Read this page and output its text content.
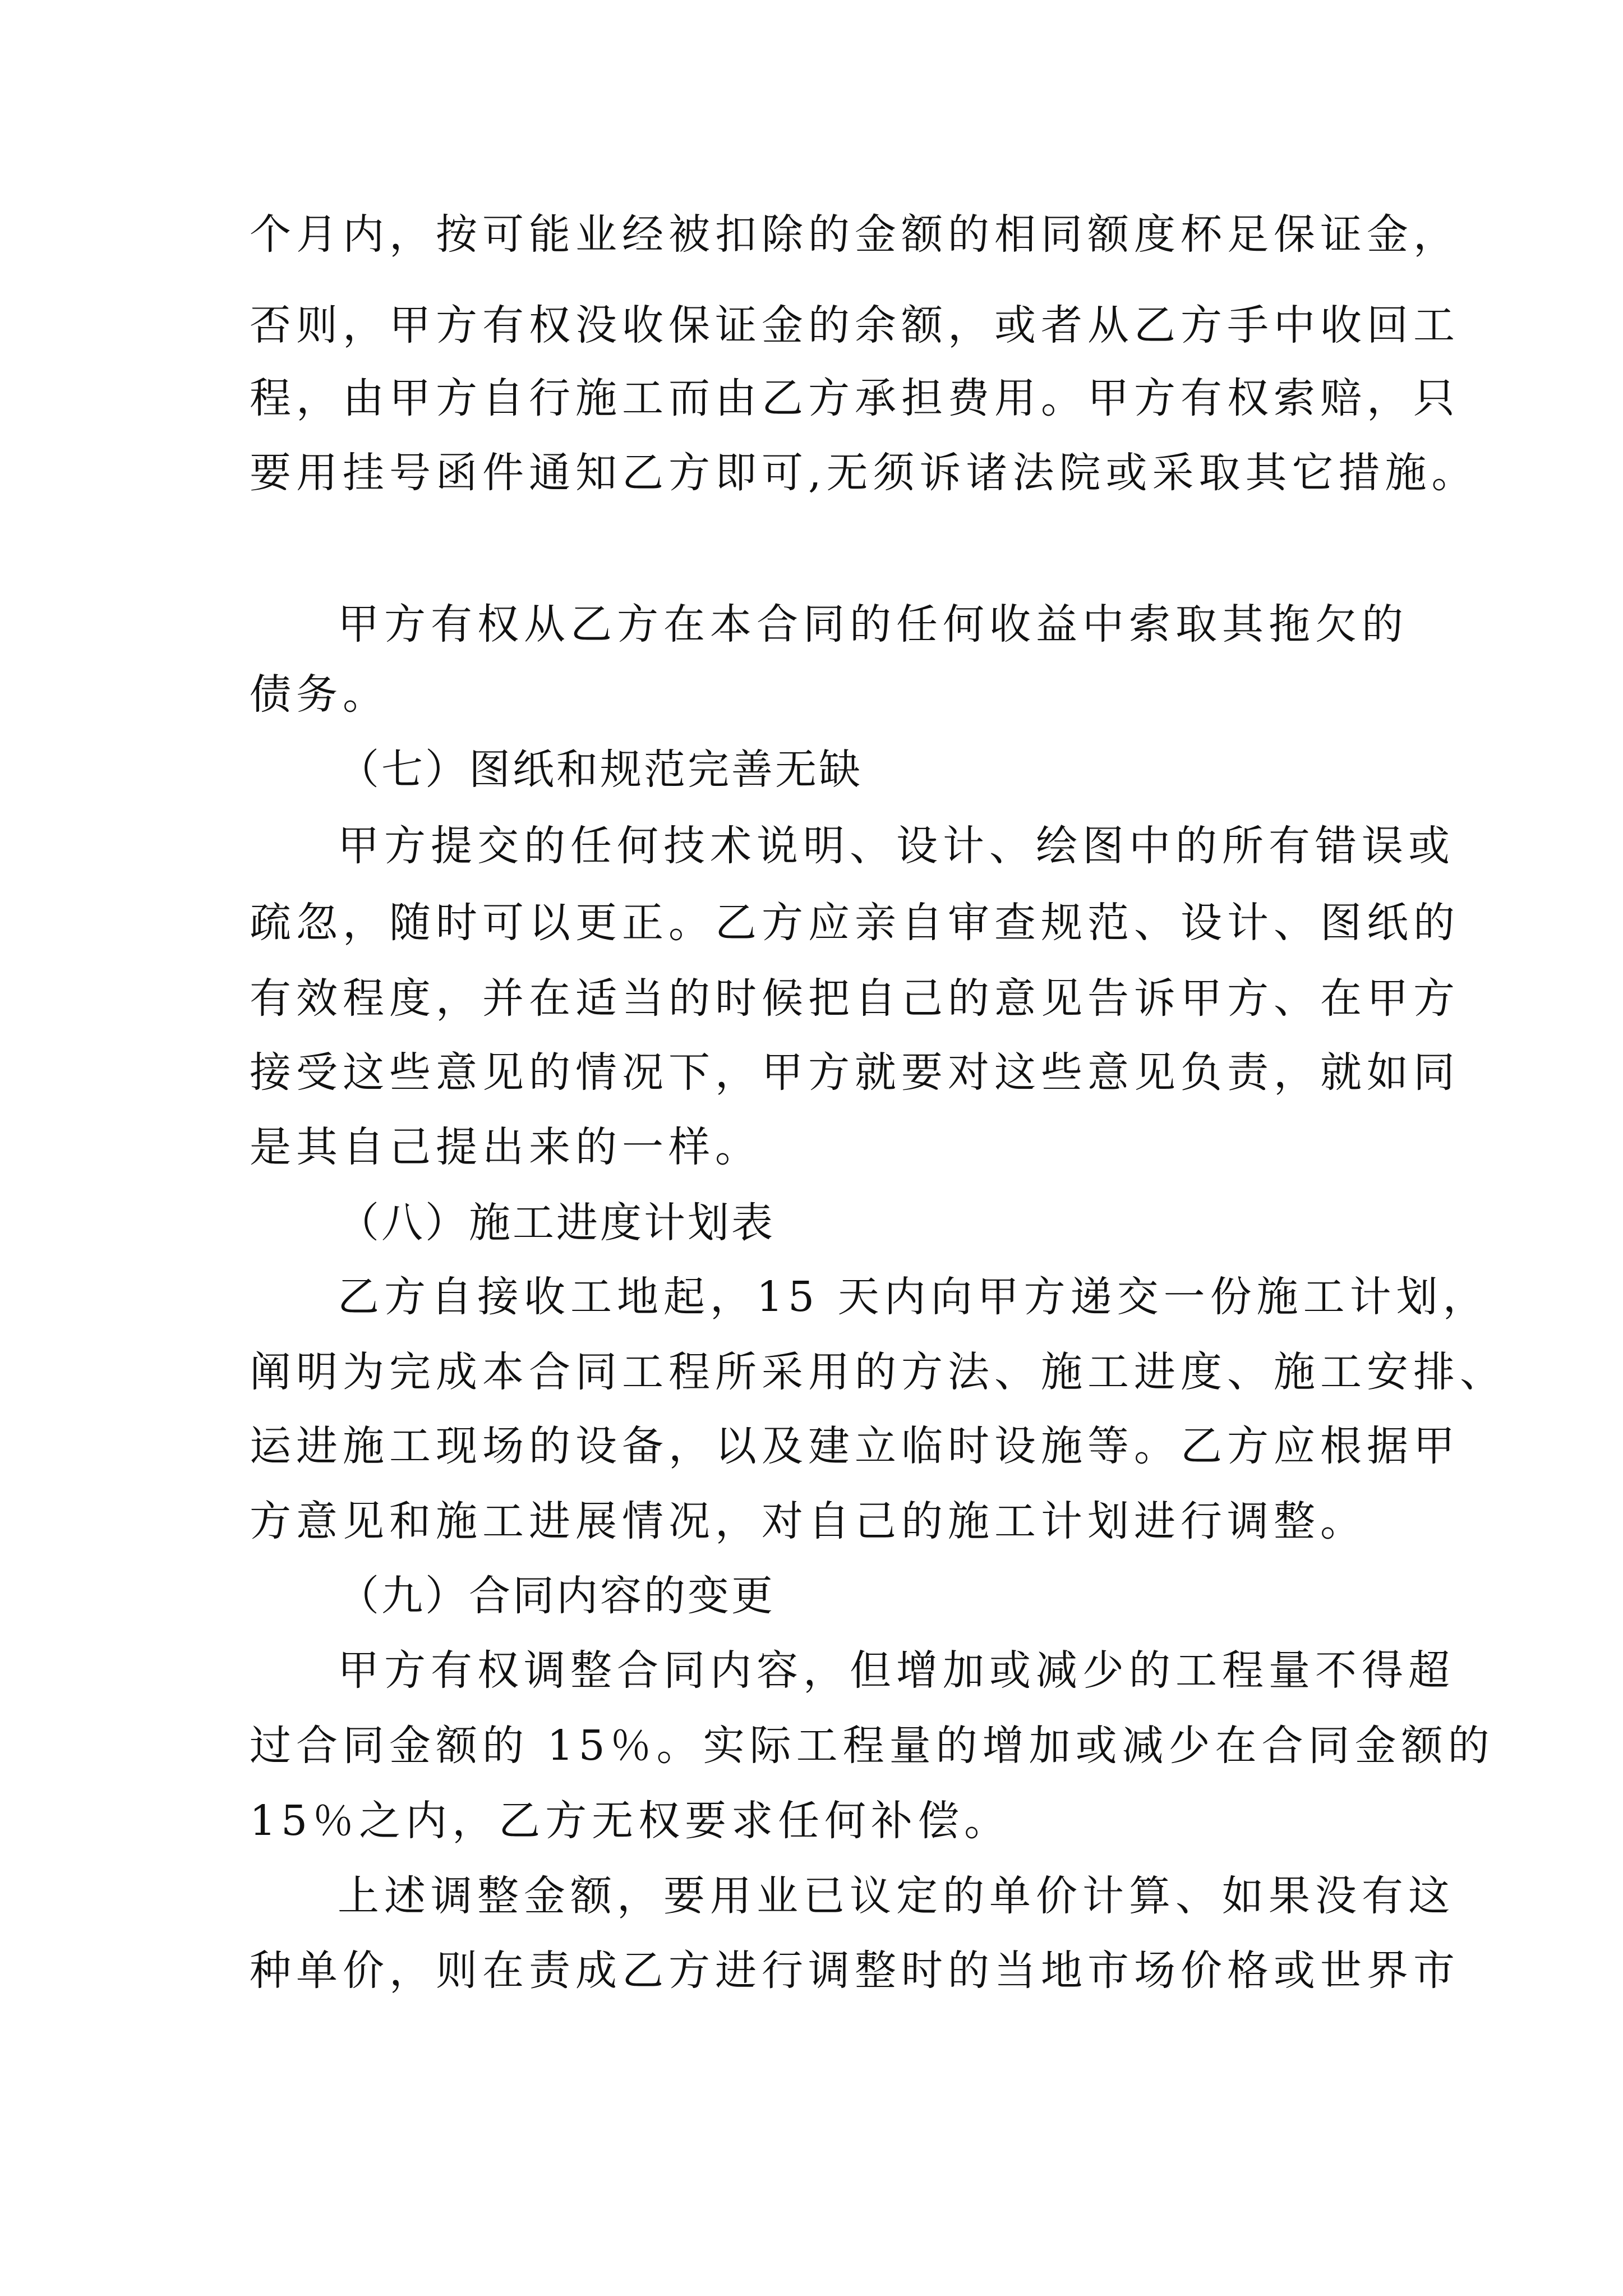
个月内，按可能业经被扣除的金额的相同额度杯足保证金，

否则，甲方有权没收保证金的余额，或者从乙方手中收回工

程，由甲方自行施工而由乙方承担费用。甲方有权索赔，只

要用挂号函件通知乙方即可,无须诉诸法院或采取其它措施。

甲方有权从乙方在本合同的任何收益中索取其拖欠的

债务。

（七）图纸和规范完善无缺

甲方提交的任何技术说明、设计、绘图中的所有错误或

疏忽，随时可以更正。乙方应亲自审查规范、设计、图纸的

有效程度，并在适当的时候把自己的意见告诉甲方、在甲方

接受这些意见的情况下，甲方就要对这些意见负责，就如同

是其自己提出来的一样。

（八）施工进度计划表

乙方自接收工地起，15 天内向甲方递交一份施工计划，

阐明为完成本合同工程所采用的方法、施工进度、施工安排、

运进施工现场的设备，以及建立临时设施等。乙方应根据甲

方意见和施工进展情况，对自己的施工计划进行调整。

（九）合同内容的变更

甲方有权调整合同内容，但增加或减少的工程量不得超

过合同金额的 15％。实际工程量的增加或减少在合同金额的

15％之内，乙方无权要求任何补偿。

上述调整金额，要用业已议定的单价计算、如果没有这

种单价，则在责成乙方进行调整时的当地市场价格或世界市
